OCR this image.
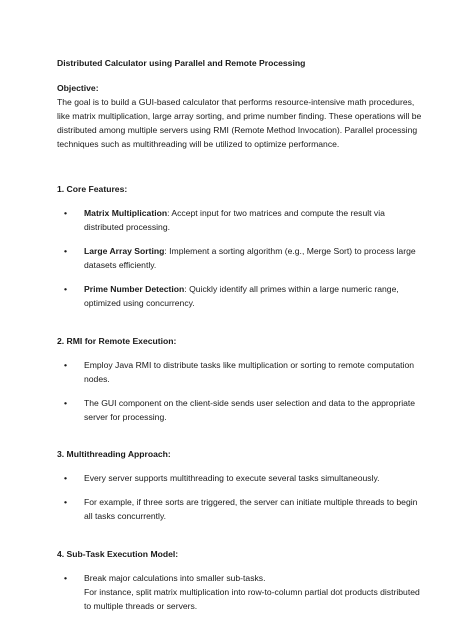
Distributed Calculator using Parallel and Remote Processing

Objective:

The goal is to build a GUI-based calculator that performs resource-intensive math procedures, like matrix multiplication, large array sorting, and prime number finding. These operations will be distributed among multiple servers using RMI (Remote Method Invocation). Parallel processing techniques such as multithreading will be utilized to optimize performance.

1. Core Features:

• Matrix Multiplication: Accept input for two matrices and compute the result via distributed processing.
• Large Array Sorting: Implement a sorting algorithm (e.g., Merge Sort) to process large datasets efficiently.
• Prime Number Detection: Quickly identify all primes within a large numeric range, optimized using concurrency.

2. RMI for Remote Execution:

• Employ Java RMI to distribute tasks like multiplication or sorting to remote computation nodes.
• The GUI component on the client-side sends user selection and data to the appropriate server for processing.

3. Multithreading Approach:

• Every server supports multithreading to execute several tasks simultaneously.
• For example, if three sorts are triggered, the server can initiate multiple threads to begin all tasks concurrently.

4. Sub-Task Execution Model:

• Break major calculations into smaller sub-tasks.
For instance, split matrix multiplication into row-to-column partial dot products distributed to multiple threads or servers.
